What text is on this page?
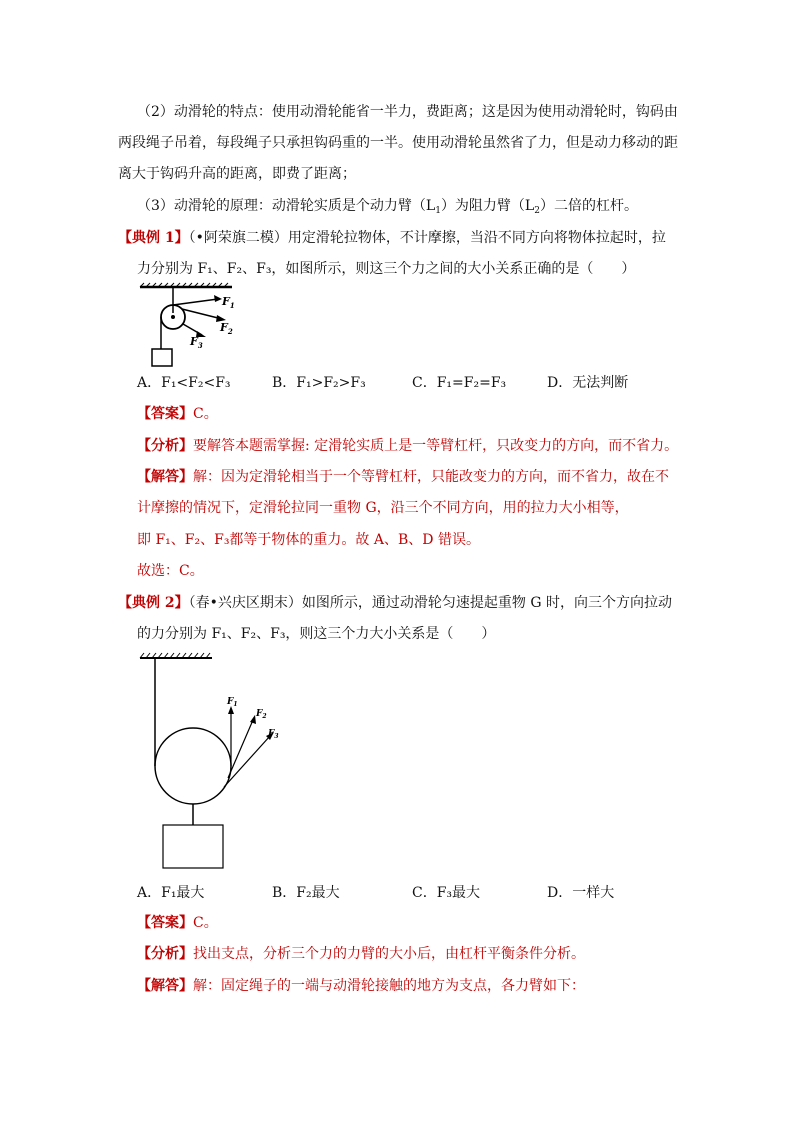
（2）动滑轮的特点：使用动滑轮能省一半力，费距离；这是因为使用动滑轮时，钩码由
两段绳子吊着，每段绳子只承担钩码重的一半。使用动滑轮虽然省了力，但是动力移动的距
离大于钩码升高的距离，即费了距离；
（3）动滑轮的原理：动滑轮实质是个动力臂$(L_1)$为阻力臂$(L_2)$二倍的杠杆。
【典例 1】（•阿荣旗二模）用定滑轮拉物体，不计摩擦，当沿不同方向将物体拉起时，拉
力分别为 F₁、F₂、F₃，如图所示，则这三个力之间的大小关系正确的是（　　）
$F_1$
$F_2$
$F_3$
A．F₁<F₂<F₃	B．F₁>F₂>F₃	C．F₁=F₂=F₃	D．无法判断
【答案】C。
【分析】要解答本题需掌握: 定滑轮实质上是一等臂杠杆，只改变力的方向，而不省力。
【解答】解：因为定滑轮相当于一个等臂杠杆，只能改变力的方向，而不省力，故在不
计摩擦的情况下，定滑轮拉同一重物 G，沿三个不同方向，用的拉力大小相等，
即 F₁、F₂、F₃都等于物体的重力。故 A、B、D 错误。
故选：C。
【典例 2】（春•兴庆区期末）如图所示，通过动滑轮匀速提起重物 G 时，向三个方向拉动
的力分别为 F₁、F₂、F₃，则这三个力大小关系是（　　）
$F_1$
$F_2$
$F_3$
A．F₁最大	B．F₂最大	C．F₃最大	D．一样大
【答案】C。
【分析】找出支点，分析三个力的力臂的大小后，由杠杆平衡条件分析。
【解答】解：固定绳子的一端与动滑轮接触的地方为支点，各力臂如下：
